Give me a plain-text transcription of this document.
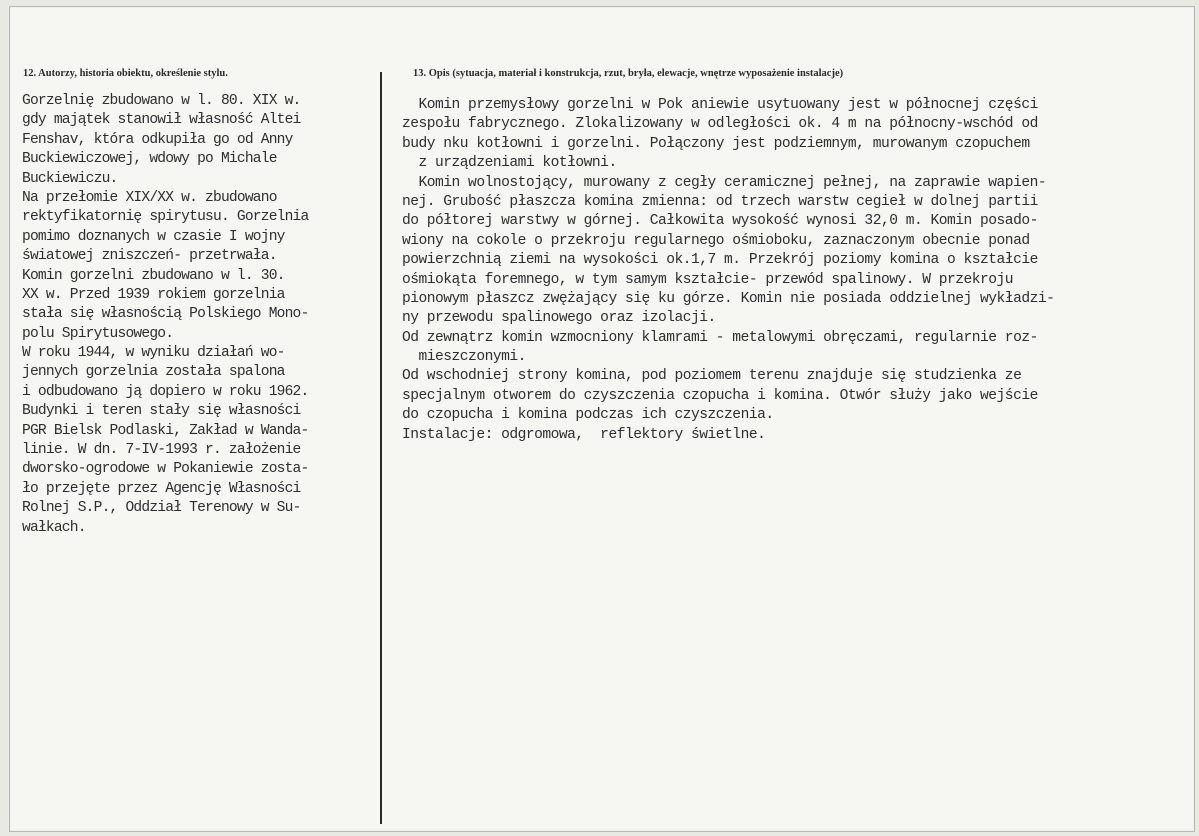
12. Autorzy, historia obiektu, określenie stylu.	13. Opis (sytuacja, materiał i konstrukcja, rzut, bryła, elewacje, wnętrze wyposażenie instalacje)
Gorzelnię zbudowano w l. 80. XIX w.
gdy majątek stanowił własność Altei
Fenshav, która odkupiła go od Anny
Buckiewiczowej, wdowy po Michale
Buckiewiczu.
Na przełomie XIX/XX w. zbudowano
rektyfikatornię spirytusu. Gorzelnia
pomimo doznanych w czasie I wojny
światowej zniszczeń- przetrwała.
Komin gorzelni zbudowano w l. 30.
XX w. Przed 1939 rokiem gorzelnia
stała się własnością Polskiego Mono-
polu Spirytusowego.
W roku 1944, w wyniku działań wo-
jennych gorzelnia została spalona
i odbudowano ją dopiero w roku 1962.
Budynki i teren stały się własności
PGR Bielsk Podlaski, Zakład w Wanda-
linie. W dn. 7-IV-1993 r. założenie
dworsko-ogrodowe w Pokaniewie zosta-
ło przejęte przez Agencję Własności
Rolnej S.P., Oddział Terenowy w Su-
wałkach.
Komin przemysłowy gorzelni w Pok aniewie usytuowany jest w północnej części
zespołu fabrycznego. Zlokalizowany w odległości ok. 4 m na północny-wschód od
budy nku kotłowni i gorzelni. Połączony jest podziemnym, murowanym czopuchem
z urządzeniami kotłowni.
Komin wolnostojący, murowany z cegły ceramicznej pełnej, na zaprawie wapien-
nej. Grubość płaszcza komina zmienna: od trzech warstw cegieł w dolnej partii
do półtorej warstwy w górnej. Całkowita wysokość wynosi 32,0 m. Komin posado-
wiony na cokole o przekroju regularnego ośmioboku, zaznaczonym obecnie ponad
powierzchnią ziemi na wysokości ok.1,7 m. Przekrój poziomy komina o kształcie
ośmiokąta foremnego, w tym samym kształcie- przewód spalinowy. W przekroju
pionowym płaszcz zwężający się ku górze. Komin nie posiada oddzielnej wykładzi-
ny przewodu spalinowego oraz izolacji.
Od zewnątrz komin wzmocniony klamrami - metalowymi obręczami, regularnie roz-
mieszczonymi.
Od wschodniej strony komina, pod poziomem terenu znajduje się studzienka ze
specjalnym otworem do czyszczenia czopucha i komina. Otwór służy jako wejście
do czopucha i komina podczas ich czyszczenia.
Instalacje: odgromowa,  reflektory świetlne.
